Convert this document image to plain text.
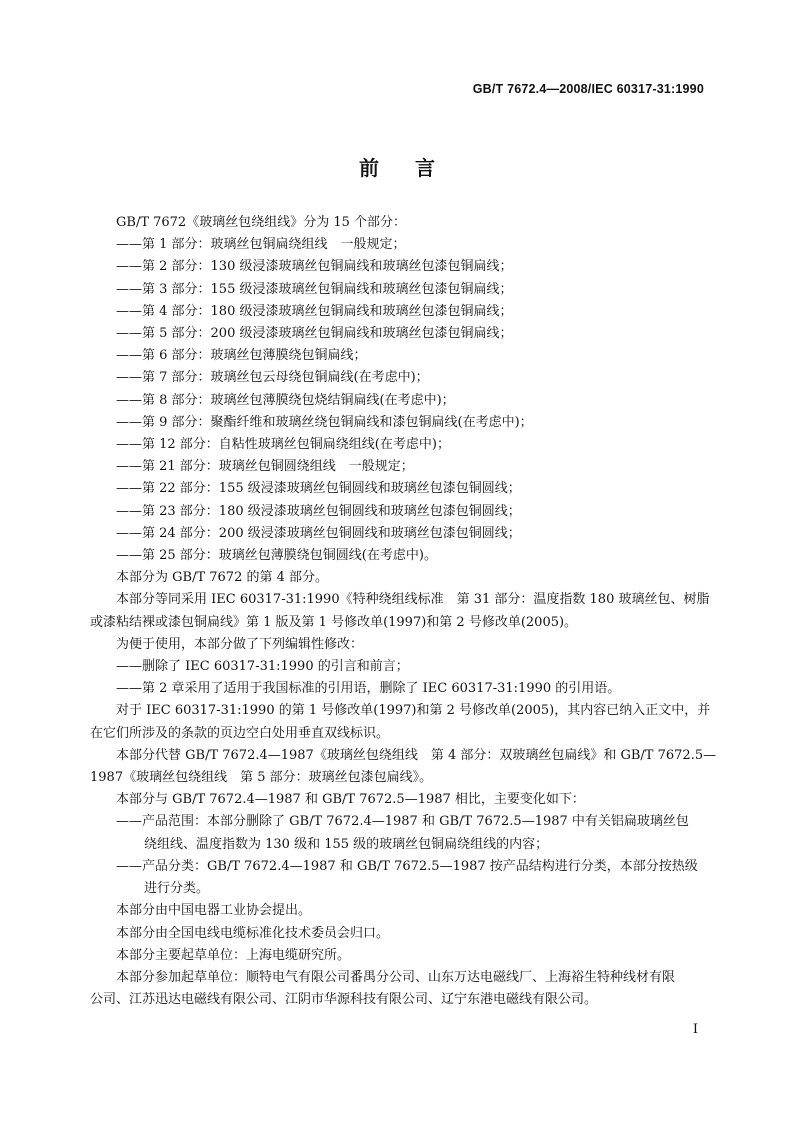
GB/T 7672.4—2008/IEC 60317-31:1990
前言

GB/T 7672《玻璃丝包绕组线》分为 15 个部分：

——第 1 部分：玻璃丝包铜扁绕组线　一般规定；

——第 2 部分：130 级浸漆玻璃丝包铜扁线和玻璃丝包漆包铜扁线；

——第 3 部分：155 级浸漆玻璃丝包铜扁线和玻璃丝包漆包铜扁线；

——第 4 部分：180 级浸漆玻璃丝包铜扁线和玻璃丝包漆包铜扁线；

——第 5 部分：200 级浸漆玻璃丝包铜扁线和玻璃丝包漆包铜扁线；

——第 6 部分：玻璃丝包薄膜绕包铜扁线；

——第 7 部分：玻璃丝包云母绕包铜扁线(在考虑中)；

——第 8 部分：玻璃丝包薄膜绕包烧结铜扁线(在考虑中)；

——第 9 部分：聚酯纤维和玻璃丝绕包铜扁线和漆包铜扁线(在考虑中)；

——第 12 部分：自粘性玻璃丝包铜扁绕组线(在考虑中)；

——第 21 部分：玻璃丝包铜圆绕组线　一般规定；

——第 22 部分：155 级浸漆玻璃丝包铜圆线和玻璃丝包漆包铜圆线；

——第 23 部分：180 级浸漆玻璃丝包铜圆线和玻璃丝包漆包铜圆线；

——第 24 部分：200 级浸漆玻璃丝包铜圆线和玻璃丝包漆包铜圆线；

——第 25 部分：玻璃丝包薄膜绕包铜圆线(在考虑中)。

本部分为 GB/T 7672 的第 4 部分。

本部分等同采用 IEC 60317-31:1990《特种绕组线标准　第 31 部分：温度指数 180 玻璃丝包、树脂

或漆粘结裸或漆包铜扁线》第 1 版及第 1 号修改单(1997)和第 2 号修改单(2005)。

为便于使用，本部分做了下列编辑性修改：

——删除了 IEC 60317-31:1990 的引言和前言；

——第 2 章采用了适用于我国标准的引用语，删除了 IEC 60317-31:1990 的引用语。

对于 IEC 60317-31:1990 的第 1 号修改单(1997)和第 2 号修改单(2005)，其内容已纳入正文中，并

在它们所涉及的条款的页边空白处用垂直双线标识。

本部分代替 GB/T 7672.4—1987《玻璃丝包绕组线　第 4 部分：双玻璃丝包扁线》和 GB/T 7672.5—

1987《玻璃丝包绕组线　第 5 部分：玻璃丝包漆包扁线》。

本部分与 GB/T 7672.4—1987 和 GB/T 7672.5—1987 相比，主要变化如下：

——产品范围：本部分删除了 GB/T 7672.4—1987 和 GB/T 7672.5—1987 中有关铝扁玻璃丝包

绕组线、温度指数为 130 级和 155 级的玻璃丝包铜扁绕组线的内容；

——产品分类：GB/T 7672.4—1987 和 GB/T 7672.5—1987 按产品结构进行分类，本部分按热级

进行分类。

本部分由中国电器工业协会提出。

本部分由全国电线电缆标准化技术委员会归口。

本部分主要起草单位：上海电缆研究所。

本部分参加起草单位：顺特电气有限公司番禺分公司、山东万达电磁线厂、上海裕生特种线材有限

公司、江苏迅达电磁线有限公司、江阴市华源科技有限公司、辽宁东港电磁线有限公司。

I
